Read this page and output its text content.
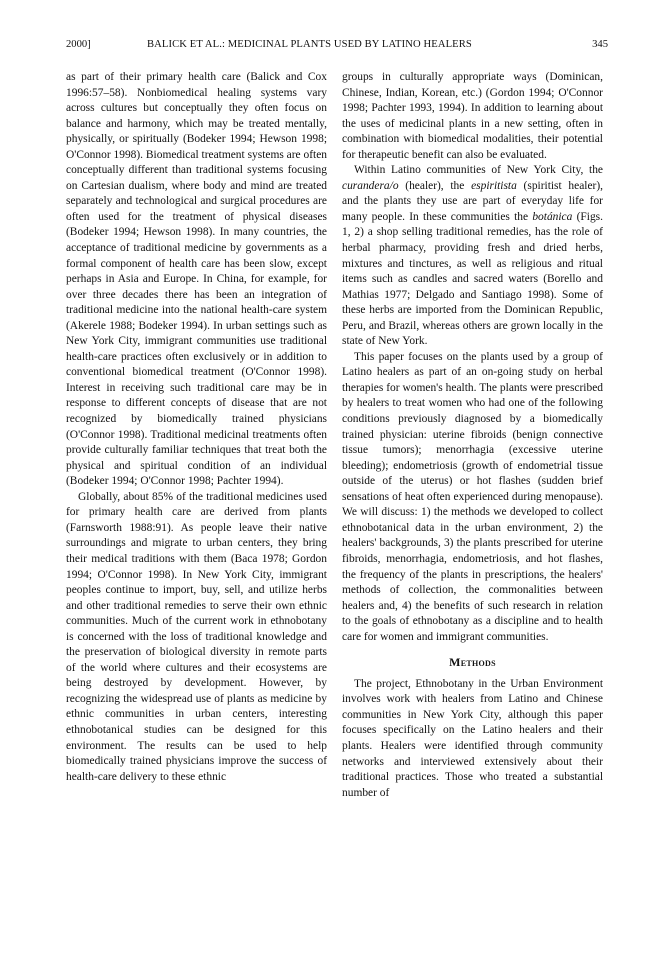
2000]	BALICK ET AL.: MEDICINAL PLANTS USED BY LATINO HEALERS	345

as part of their primary health care (Balick and Cox 1996:57–58). Nonbiomedical healing systems vary across cultures but conceptually they often focus on balance and harmony, which may be treated mentally, physically, or spiritually (Bodeker 1994; Hewson 1998; O'Connor 1998). Biomedical treatment systems are often conceptually different than traditional systems focusing on Cartesian dualism, where body and mind are treated separately and technological and surgical procedures are often used for the treatment of physical diseases (Bodeker 1994; Hewson 1998). In many countries, the acceptance of traditional medicine by governments as a formal component of health care has been slow, except perhaps in Asia and Europe. In China, for example, for over three decades there has been an integration of traditional medicine into the national health-care system (Akerele 1988; Bodeker 1994). In urban settings such as New York City, immigrant communities use traditional health-care practices often exclusively or in addition to conventional biomedical treatment (O'Connor 1998). Interest in receiving such traditional care may be in response to different concepts of disease that are not recognized by biomedically trained physicians (O'Connor 1998). Traditional medicinal treatments often provide culturally familiar techniques that treat both the physical and spiritual condition of an individual (Bodeker 1994; O'Connor 1998; Pachter 1994).

Globally, about 85% of the traditional medicines used for primary health care are derived from plants (Farnsworth 1988:91). As people leave their native surroundings and migrate to urban centers, they bring their medical traditions with them (Baca 1978; Gordon 1994; O'Connor 1998). In New York City, immigrant peoples continue to import, buy, sell, and utilize herbs and other traditional remedies to serve their own ethnic communities. Much of the current work in ethnobotany is concerned with the loss of traditional knowledge and the preservation of biological diversity in remote parts of the world where cultures and their ecosystems are being destroyed by development. However, by recognizing the widespread use of plants as medicine by ethnic communities in urban centers, interesting ethnobotanical studies can be designed for this environment. The results can be used to help biomedically trained physicians improve the success of health-care delivery to these ethnic

groups in culturally appropriate ways (Dominican, Chinese, Indian, Korean, etc.) (Gordon 1994; O'Connor 1998; Pachter 1993, 1994). In addition to learning about the uses of medicinal plants in a new setting, often in combination with biomedical modalities, their potential for therapeutic benefit can also be evaluated.

Within Latino communities of New York City, the curandera/o (healer), the espiritista (spiritist healer), and the plants they use are part of everyday life for many people. In these communities the botánica (Figs. 1, 2) a shop selling traditional remedies, has the role of herbal pharmacy, providing fresh and dried herbs, mixtures and tinctures, as well as religious and ritual items such as candles and sacred waters (Borello and Mathias 1977; Delgado and Santiago 1998). Some of these herbs are imported from the Dominican Republic, Peru, and Brazil, whereas others are grown locally in the state of New York.

This paper focuses on the plants used by a group of Latino healers as part of an on-going study on herbal therapies for women's health. The plants were prescribed by healers to treat women who had one of the following conditions previously diagnosed by a biomedically trained physician: uterine fibroids (benign connective tissue tumors); menorrhagia (excessive uterine bleeding); endometriosis (growth of endometrial tissue outside of the uterus) or hot flashes (sudden brief sensations of heat often experienced during menopause). We will discuss: 1) the methods we developed to collect ethnobotanical data in the urban environment, 2) the healers' backgrounds, 3) the plants prescribed for uterine fibroids, menorrhagia, endometriosis, and hot flashes, the frequency of the plants in prescriptions, the healers' methods of collection, the commonalities between healers and, 4) the benefits of such research in relation to the goals of ethnobotany as a discipline and to health care for women and immigrant communities.

Methods

The project, Ethnobotany in the Urban Environment involves work with healers from Latino and Chinese communities in New York City, although this paper focuses specifically on the Latino healers and their plants. Healers were identified through community networks and interviewed extensively about their traditional practices. Those who treated a substantial number of
